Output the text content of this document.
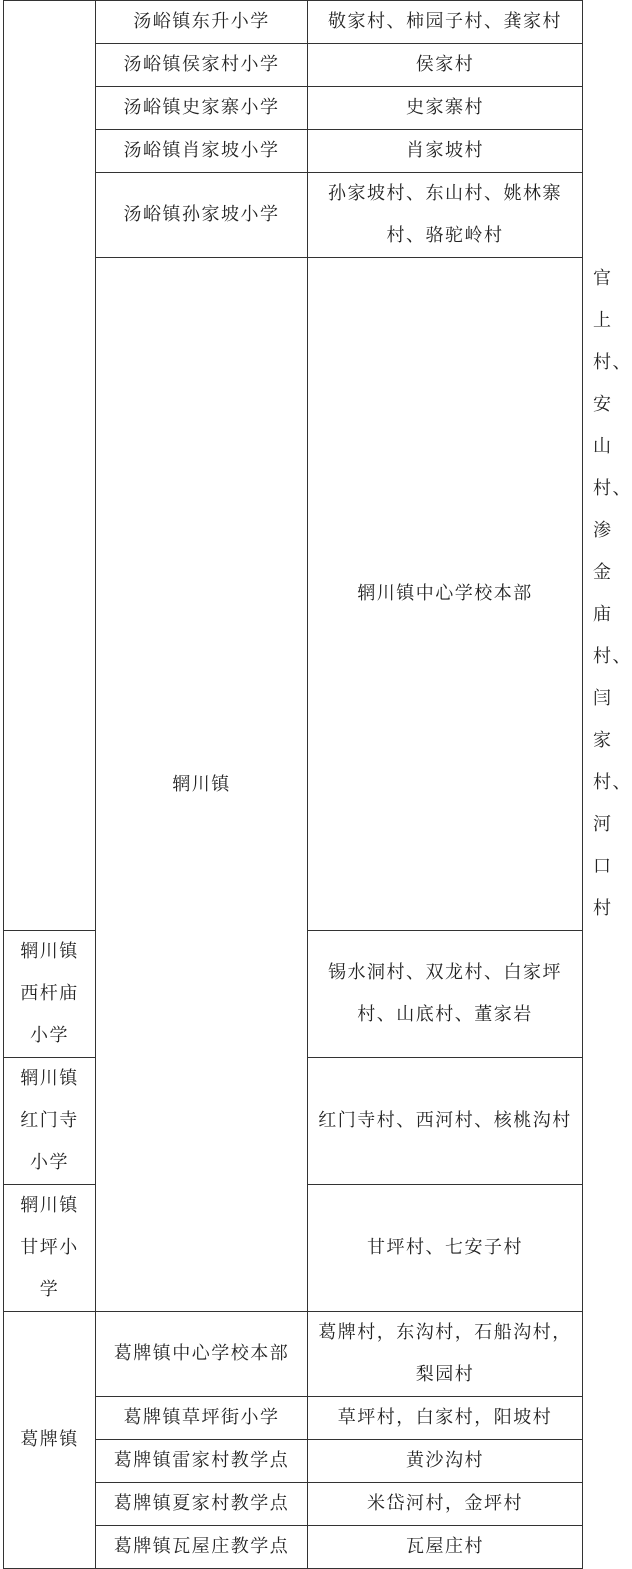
	汤峪镇东升小学	敬家村、柿园子村、龚家村	
	汤峪镇侯家村小学	侯家村	
	汤峪镇史家寨小学	史家寨村	
	汤峪镇肖家坡小学	肖家坡村	
	汤峪镇孙家坡小学	孙家坡村、东山村、姚林寨村、骆驼岭村	
	辋川镇	辋川镇中心学校本部	官上村、安山村、渗金庙村、闫家村、河口村
辋川镇西杆庙小学		锡水洞村、双龙村、白家坪村、山底村、董家岩	
辋川镇红门寺小学		红门寺村、西河村、核桃沟村	
辋川镇甘坪小学		甘坪村、七安子村	
葛牌镇	葛牌镇中心学校本部	葛牌村，东沟村，石船沟村，梨园村	
	葛牌镇草坪街小学	草坪村，白家村，阳坡村	
	葛牌镇雷家村教学点	黄沙沟村	
	葛牌镇夏家村教学点	米岱河村，金坪村	
	葛牌镇瓦屋庄教学点	瓦屋庄村	
